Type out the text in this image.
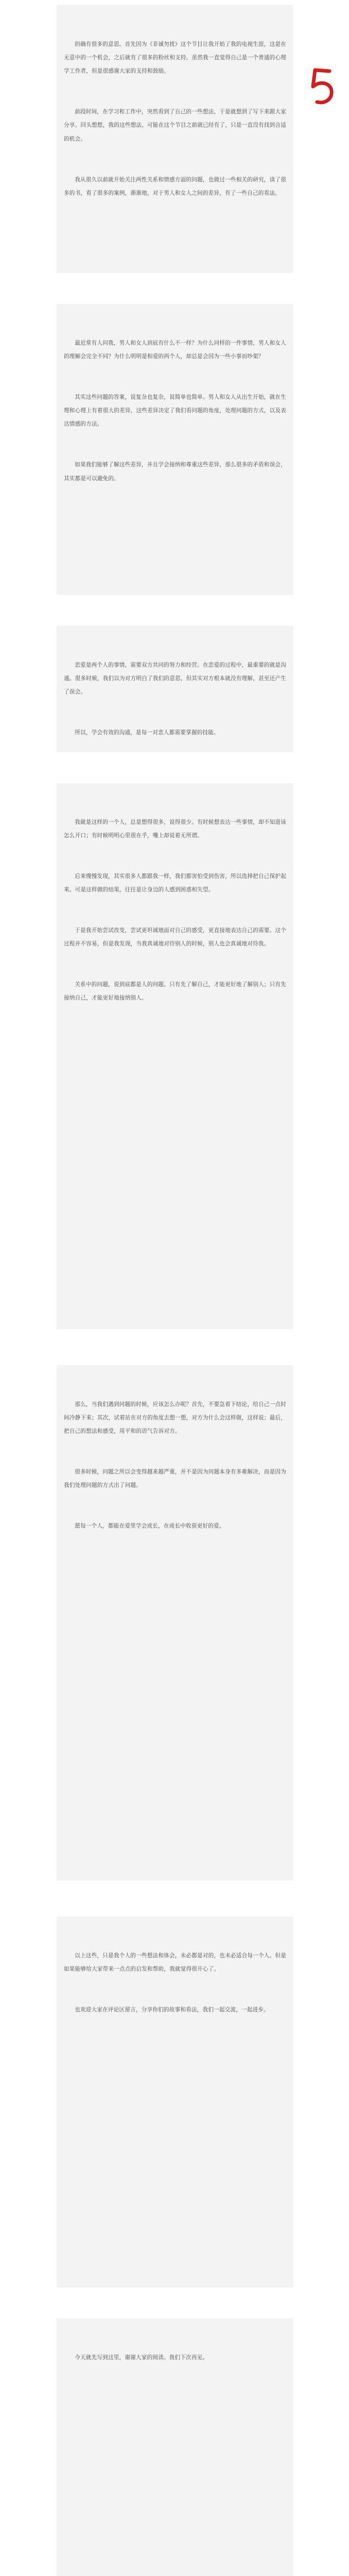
的确有很多的意思。首先因为《非诚勿扰》这个节目让我开始了我的电视生涯，这是在无意中的一个机会，之后就有了很多的粉丝和支持，虽然我一直觉得自己是一个普通的心理学工作者，但是很感谢大家的支持和鼓励。

前段时间，在学习和工作中，突然看到了自己的一些想法，于是就想到了写下来跟大家分享。回头想想，我的这些想法，可能在这个节目之前就已经有了，只是一直没有找到合适的机会。

我从很久以前就开始关注两性关系和情感方面的问题，也做过一些相关的研究，读了很多的书，看了很多的案例，渐渐地，对于男人和女人之间的差异，有了一些自己的看法。

最近常有人问我，男人和女人到底有什么不一样？为什么同样的一件事情，男人和女人的理解会完全不同？为什么明明是相爱的两个人，却总是会因为一些小事而吵架？

其实这些问题的答案，说复杂也复杂，说简单也简单。男人和女人从出生开始，就在生理和心理上有着很大的差异，这些差异决定了我们看问题的角度，处理问题的方式，以及表达情感的方法。

如果我们能够了解这些差异，并且学会接纳和尊重这些差异，那么很多的矛盾和误会，其实都是可以避免的。

恋爱是两个人的事情，需要双方共同的努力和经营。在恋爱的过程中，最重要的就是沟通。很多时候，我们以为对方明白了我们的意思，但其实对方根本就没有理解，甚至还产生了误会。

所以，学会有效的沟通，是每一对恋人都需要掌握的技能。

我就是这样的一个人，总是想得很多，说得很少。有时候想表达一些事情，却不知道该怎么开口；有时候明明心里很在乎，嘴上却说着无所谓。

后来慢慢发现，其实很多人都跟我一样，我们都害怕受到伤害，所以选择把自己保护起来。可是这样做的结果，往往是让身边的人感到困惑和失望。

于是我开始尝试改变，尝试更坦诚地面对自己的感受，更直接地表达自己的需要。这个过程并不容易，但是我发现，当我真诚地对待别人的时候，别人也会真诚地对待我。

关系中的问题，说到底都是人的问题。只有先了解自己，才能更好地了解别人；只有先接纳自己，才能更好地接纳别人。

那么，当我们遇到问题的时候，应该怎么办呢？首先，不要急着下结论，给自己一点时间冷静下来；其次，试着站在对方的角度去想一想，对方为什么会这样做，这样说；最后，把自己的想法和感受，用平和的语气告诉对方。

很多时候，问题之所以会变得越来越严重，并不是因为问题本身有多难解决，而是因为我们处理问题的方式出了问题。

愿每一个人，都能在爱里学会成长，在成长中收获更好的爱。

以上这些，只是我个人的一些想法和体会，未必都是对的，也未必适合每一个人。但是如果能够给大家带来一点点的启发和帮助，我就觉得很开心了。

也欢迎大家在评论区留言，分享你们的故事和看法，我们一起交流，一起进步。

今天就先写到这里，谢谢大家的阅读。我们下次再见。
